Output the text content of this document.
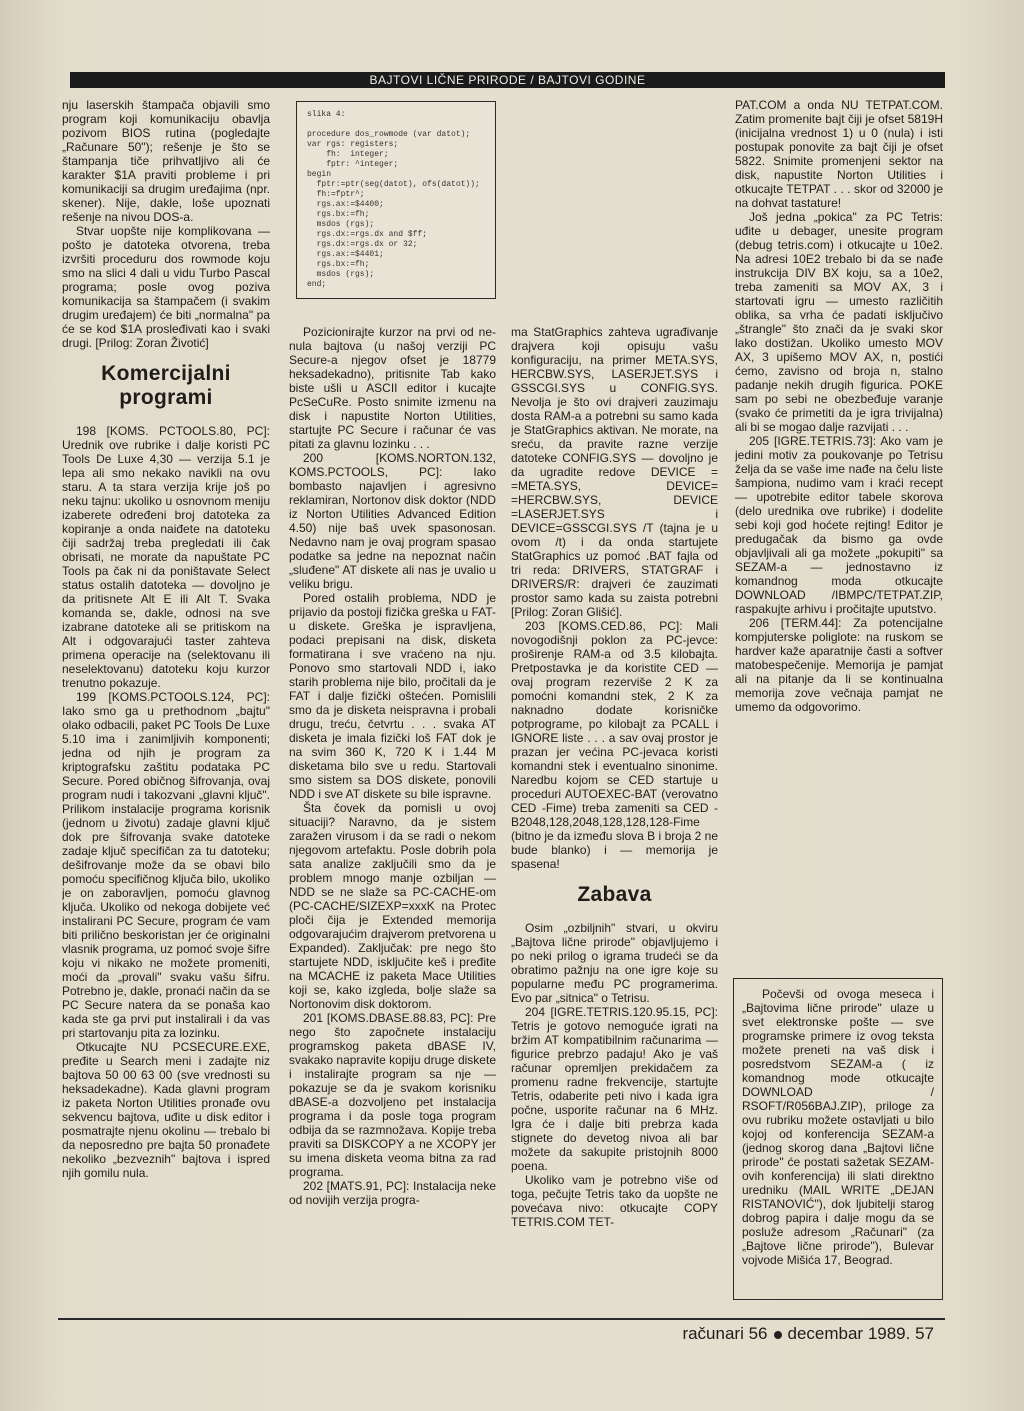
BAJTOVI LIČNE PRIRODE / BAJTOVI GODINE

nju laserskih štampača objavili smo program koji komunikaciju obavlja pozivom BIOS rutina (pogledajte „Računare 50"); rešenje je što se štampanja tiče prihvatljivo ali će karakter $1A praviti probleme i pri komunikaciji sa drugim uređajima (npr. skener). Nije, dakle, loše upoznati rešenje na nivou DOS-a.

Stvar uopšte nije komplikovana — pošto je datoteka otvorena, treba izvršiti proceduru dos rowmode koju smo na slici 4 dali u vidu Turbo Pascal programa; posle ovog poziva komunikacija sa štampačem (i svakim drugim uređajem) će biti „normalna" pa će se kod $1A prosleđivati kao i svaki drugi. [Prilog: Zoran Životić]

Komercijalni programi

198 [KOMS. PCTOOLS.80, PC]: Urednik ove rubrike i dalje koristi PC Tools De Luxe 4,30 — verzija 5.1 je lepa ali smo nekako navikli na ovu staru. A ta stara verzija krije još po neku tajnu: ukoliko u osnovnom meniju izaberete određeni broj datoteka za kopiranje a onda naiđete na datoteku čiji sadržaj treba pregledati ili čak obrisati, ne morate da napuštate PC Tools pa čak ni da poništavate Select status ostalih datoteka — dovoljno je da pritisnete Alt E ili Alt T. Svaka komanda se, dakle, odnosi na sve izabrane datoteke ali se pritiskom na Alt i odgovarajući taster zahteva primena operacije na (selektovanu ili neselektovanu) datoteku koju kurzor trenutno pokazuje.

199 [KOMS.PCTOOLS.124, PC]: Iako smo ga u prethodnom „bajtu" olako odbacili, paket PC Tools De Luxe 5.10 ima i zanimljivih komponenti; jedna od njih je program za kriptografsku zaštitu podataka PC Secure. Pored običnog šifrovanja, ovaj program nudi i takozvani „glavni ključ". Prilikom instalacije programa korisnik (jednom u životu) zadaje glavni ključ dok pre šifrovanja svake datoteke zadaje ključ specifičan za tu datoteku; dešifrovanje može da se obavi bilo pomoću specifičnog ključa bilo, ukoliko je on zaboravljen, pomoću glavnog ključa. Ukoliko od nekoga dobijete već instalirani PC Secure, program će vam biti prilično beskoristan jer će originalni vlasnik programa, uz pomoć svoje šifre koju vi nikako ne možete promeniti, moći da „provali" svaku vašu šifru. Potrebno je, dakle, pronaći način da se PC Secure natera da se ponaša kao kada ste ga prvi put instalirali i da vas pri startovanju pita za lozinku.

Otkucajte NU PCSECURE.EXE, pređite u Search meni i zadajte niz bajtova 50 00 63 00 (sve vrednosti su heksadekadne). Kada glavni program iz paketa Norton Utilities pronađe ovu sekvencu bajtova, uđite u disk editor i posmatrajte njenu okolinu — trebalo bi da neposredno pre bajta 50 pronađete nekoliko „bezveznih" bajtova i ispred njih gomilu nula.

slika 4:

procedure dos_rowmode (var datot);
var rgs: registers;
fh:  integer;
fptr: ^integer;
begin
fptr:=ptr(seg(datot), ofs(datot));
fh:=fptr^;
rgs.ax:=$4400;
rgs.bx:=fh;
msdos (rgs);
rgs.dx:=rgs.dx and $ff;
rgs.dx:=rgs.dx or 32;
rgs.ax:=$4401;
rgs.bx:=fh;
msdos (rgs);
end;

Pozicionirajte kurzor na prvi od ne-nula bajtova (u našoj verziji PC Secure-a njegov ofset je 18779 heksadekadno), pritisnite Tab kako biste ušli u ASCII editor i kucajte PcSeCuRe. Posto snimite izmenu na disk i napustite Norton Utilities, startujte PC Secure i računar će vas pitati za glavnu lozinku . . .

200 [KOMS.NORTON.132, KOMS.PCTOOLS, PC]: Iako bombasto najavljen i agresivno reklamiran, Nortonov disk doktor (NDD iz Norton Utilities Advanced Edition 4.50) nije baš uvek spasonosan. Nedavno nam je ovaj program spasao podatke sa jedne na nepoznat način „sluđene" AT diskete ali nas je uvalio u veliku brigu.

Pored ostalih problema, NDD je prijavio da postoji fizička greška u FAT-u diskete. Greška je ispravljena, podaci prepisani na disk, disketa formatirana i sve vraćeno na nju. Ponovo smo startovali NDD i, iako starih problema nije bilo, pročitali da je FAT i dalje fizički oštećen. Pomislili smo da je disketa neispravna i probali drugu, treću, četvrtu . . . svaka AT disketa je imala fizički loš FAT dok je na svim 360 K, 720 K i 1.44 M disketama bilo sve u redu. Startovali smo sistem sa DOS diskete, ponovili NDD i sve AT diskete su bile ispravne.

Šta čovek da pomisli u ovoj situaciji? Naravno, da je sistem zaražen virusom i da se radi o nekom njegovom artefaktu. Posle dobrih pola sata analize zaključili smo da je problem mnogo manje ozbiljan — NDD se ne slaže sa PC-CACHE-om (PC-CACHE/SIZEXP=xxxK na Protec ploči čija je Extended memorija odgovarajućim drajverom pretvorena u Expanded). Zaključak: pre nego što startujete NDD, isključite keš i pređite na MCACHE iz paketa Mace Utilities koji se, kako izgleda, bolje slaže sa Nortonovim disk doktorom.

201 [KOMS.DBASE.88.83, PC]: Pre nego što započnete instalaciju programskog paketa dBASE IV, svakako napravite kopiju druge diskete i instalirajte program sa nje — pokazuje se da je svakom korisniku dBASE-a dozvoljeno pet instalacija programa i da posle toga program odbija da se razmnožava. Kopije treba praviti sa DISKCOPY a ne XCOPY jer su imena disketa veoma bitna za rad programa.

202 [MATS.91, PC]: Instalacija neke od novijih verzija progra-

ma StatGraphics zahteva ugrađivanje drajvera koji opisuju vašu konfiguraciju, na primer META.SYS, HERCBW.SYS, LASERJET.SYS i GSSCGI.SYS u CONFIG.SYS. Nevolja je što ovi drajveri zauzimaju dosta RAM-a a potrebni su samo kada je StatGraphics aktivan. Ne morate, na sreću, da pravite razne verzije datoteke CONFIG.SYS — dovoljno je da ugradite redove DEVICE = =META.SYS, DEVICE= =HERCBW.SYS, DEVICE =LASERJET.SYS i DEVICE=GSSCGI.SYS /T (tajna je u ovom /t) i da onda startujete StatGraphics uz pomoć .BAT fajla od tri reda: DRIVERS, STATGRAF i DRIVERS/R: drajveri će zauzimati prostor samo kada su zaista potrebni [Prilog: Zoran Glišić].

203 [KOMS.CED.86, PC]: Mali novogodišnji poklon za PC-jevce: proširenje RAM-a od 3.5 kilobajta. Pretpostavka je da koristite CED — ovaj program rezerviše 2 K za pomoćni komandni stek, 2 K za naknadno dodate korisničke potprograme, po kilobajt za PCALL i IGNORE liste . . . a sav ovaj prostor je prazan jer većina PC-jevaca koristi komandni stek i eventualno sinonime. Naredbu kojom se CED startuje u proceduri AUTOEXEC-BAT (verovatno CED -Fime) treba zameniti sa CED -B2048,128,2048,128,128,128-Fime (bitno je da između slova B i broja 2 ne bude blanko) i — memorija je spasena!

Zabava

Osim „ozbiljnih" stvari, u okviru „Bajtova lične prirode" objavljujemo i po neki prilog o igrama trudeći se da obratimo pažnju na one igre koje su popularne među PC programerima. Evo par „sitnica" o Tetrisu.

204 [IGRE.TETRIS.120.95.15, PC]: Tetris je gotovo nemoguće igrati na bržim AT kompatibilnim računarima — figurice prebrzo padaju! Ako je vaš računar opremljen prekidačem za promenu radne frekvencije, startujte Tetris, odaberite peti nivo i kada igra počne, usporite računar na 6 MHz. Igra će i dalje biti prebrza kada stignete do devetog nivoa ali bar možete da sakupite pristojnih 8000 poena.

Ukoliko vam je potrebno više od toga, pečujte Tetris tako da uopšte ne povećava nivo: otkucajte COPY TETRIS.COM TET-

PAT.COM a onda NU TETPAT.COM. Zatim promenite bajt čiji je ofset 5819H (inicijalna vrednost 1) u 0 (nula) i isti postupak ponovite za bajt čiji je ofset 5822. Snimite promenjeni sektor na disk, napustite Norton Utilities i otkucajte TETPAT . . . skor od 32000 je na dohvat tastature!

Još jedna „pokica" za PC Tetris: uđite u debager, unesite program (debug tetris.com) i otkucajte u 10e2. Na adresi 10E2 trebalo bi da se nađe instrukcija DIV BX koju, sa a 10e2, treba zameniti sa MOV AX, 3 i startovati igru — umesto različitih oblika, sa vrha će padati isključivo „štrangle" što znači da je svaki skor lako dostižan. Ukoliko umesto MOV AX, 3 upišemo MOV AX, n, postići ćemo, zavisno od broja n, stalno padanje nekih drugih figurica. POKE sam po sebi ne obezbeđuje varanje (svako će primetiti da je igra trivijalna) ali bi se mogao dalje razvijati . . .

205 [IGRE.TETRIS.73]: Ako vam je jedini motiv za poukovanje po Tetrisu želja da se vaše ime nađe na čelu liste šampiona, nudimo vam i kraći recept — upotrebite editor tabele skorova (delo urednika ove rubrike) i dodelite sebi koji god hoćete rejting! Editor je predugačak da bismo ga ovde objavljivali ali ga možete „pokupiti" sa SEZAM-a — jednostavno iz komandnog moda otkucajte DOWNLOAD /IBMPC/TETPAT.ZIP, raspakujte arhivu i pročitajte uputstvo.

206 [TERM.44]: Za potencijalne kompjuterske poliglote: na ruskom se hardver kaže aparatnije časti a softver matobespečenije. Memorija je pamjat ali na pitanje da li se kontinualna memorija zove večnaja pamjat ne umemo da odgovorimo.

Počevši od ovoga meseca i „Bajtovima lične prirode" ulaze u svet elektronske pošte — sve programske primere iz ovog teksta možete preneti na vaš disk i posredstvom SEZAM-a ( iz komandnog mode otkucajte DOWNLOAD / RSOFT/R056BAJ.ZIP), priloge za ovu rubriku možete ostavljati u bilo kojoj od konferencija SEZAM-a (jednog skorog dana „Bajtovi lične prirode" će postati sažetak SEZAM-ovih konferencija) ili slati direktno uredniku (MAIL WRITE „DEJAN RISTANOVIĆ"), dok ljubitelji starog dobrog papira i dalje mogu da se posluže adresom „Računari" (za „Bajtove lične prirode"), Bulevar vojvode Mišića 17, Beograd.

računari 56 decembar 1989. 57
